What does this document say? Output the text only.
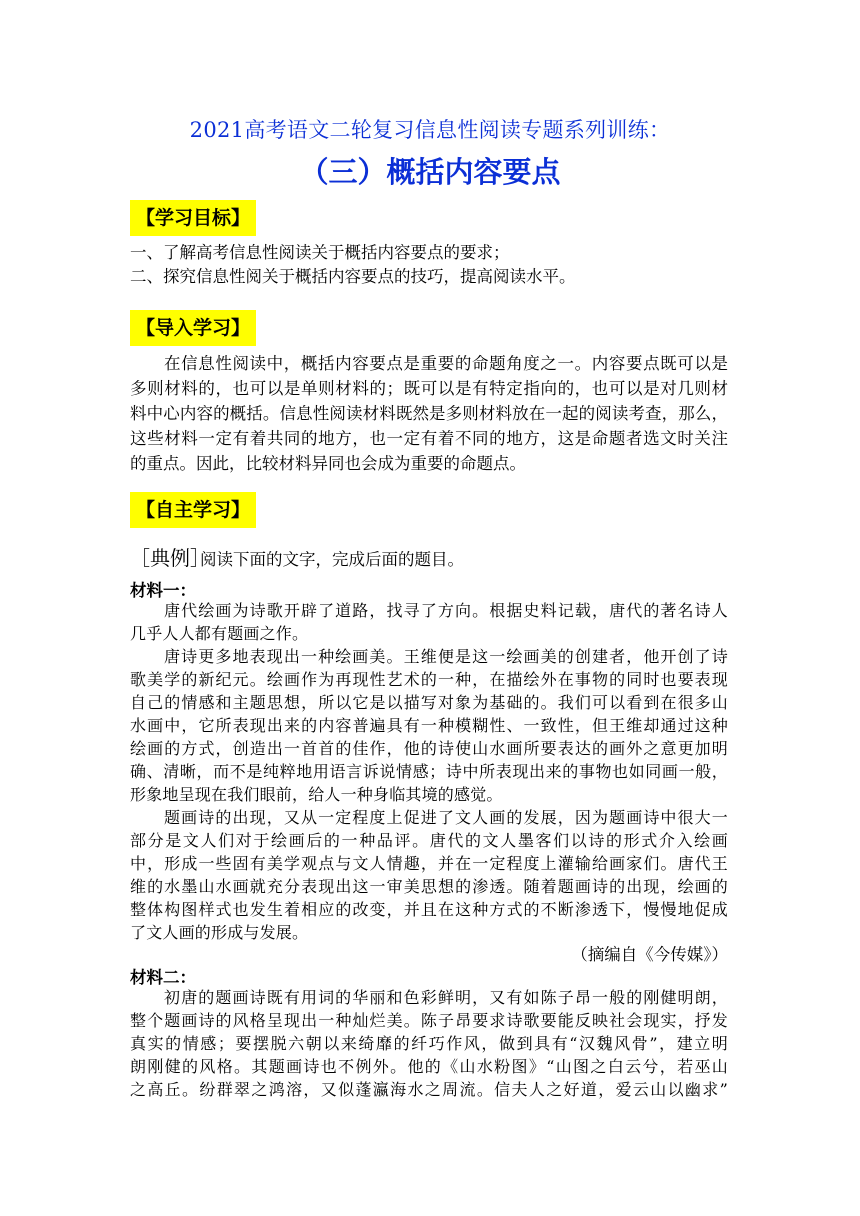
2021高考语文二轮复习信息性阅读专题系列训练：
（三）概括内容要点
【学习目标】
一、了解高考信息性阅读关于概括内容要点的要求；
二、探究信息性阅关于概括内容要点的技巧，提高阅读水平。
【导入学习】
在信息性阅读中，概括内容要点是重要的命题角度之一。内容要点既可以是
多则材料的，也可以是单则材料的；既可以是有特定指向的，也可以是对几则材
料中心内容的概括。信息性阅读材料既然是多则材料放在一起的阅读考查，那么，
这些材料一定有着共同的地方，也一定有着不同的地方，这是命题者选文时关注
的重点。因此，比较材料异同也会成为重要的命题点。
【自主学习】
［典例］
阅读下面的文字，完成后面的题目。
材料一：
唐代绘画为诗歌开辟了道路，找寻了方向。根据史料记载，唐代的著名诗人
几乎人人都有题画之作。
唐诗更多地表现出一种绘画美。王维便是这一绘画美的创建者，他开创了诗
歌美学的新纪元。绘画作为再现性艺术的一种，在描绘外在事物的同时也要表现
自己的情感和主题思想，所以它是以描写对象为基础的。我们可以看到在很多山
水画中，它所表现出来的内容普遍具有一种模糊性、一致性，但王维却通过这种
绘画的方式，创造出一首首的佳作，他的诗使山水画所要表达的画外之意更加明
确、清晰，而不是纯粹地用语言诉说情感；诗中所表现出来的事物也如同画一般，
形象地呈现在我们眼前，给人一种身临其境的感觉。
题画诗的出现，又从一定程度上促进了文人画的发展，因为题画诗中很大一
部分是文人们对于绘画后的一种品评。唐代的文人墨客们以诗的形式介入绘画
中，形成一些固有美学观点与文人情趣，并在一定程度上灌输给画家们。唐代王
维的水墨山水画就充分表现出这一审美思想的渗透。随着题画诗的出现，绘画的
整体构图样式也发生着相应的改变，并且在这种方式的不断渗透下，慢慢地促成
了文人画的形成与发展。
（摘编自《今传媒》）
材料二：
初唐的题画诗既有用词的华丽和色彩鲜明，又有如陈子昂一般的刚健明朗，
整个题画诗的风格呈现出一种灿烂美。陈子昂要求诗歌要能反映社会现实，抒发
真实的情感；要摆脱六朝以来绮靡的纤巧作风，做到具有“汉魏风骨”，建立明
朗刚健的风格。其题画诗也不例外。他的《山水粉图》“山图之白云兮，若巫山
之高丘。纷群翠之鸿溶，又似蓬瀛海水之周流。信夫人之好道，爱云山以幽求”
